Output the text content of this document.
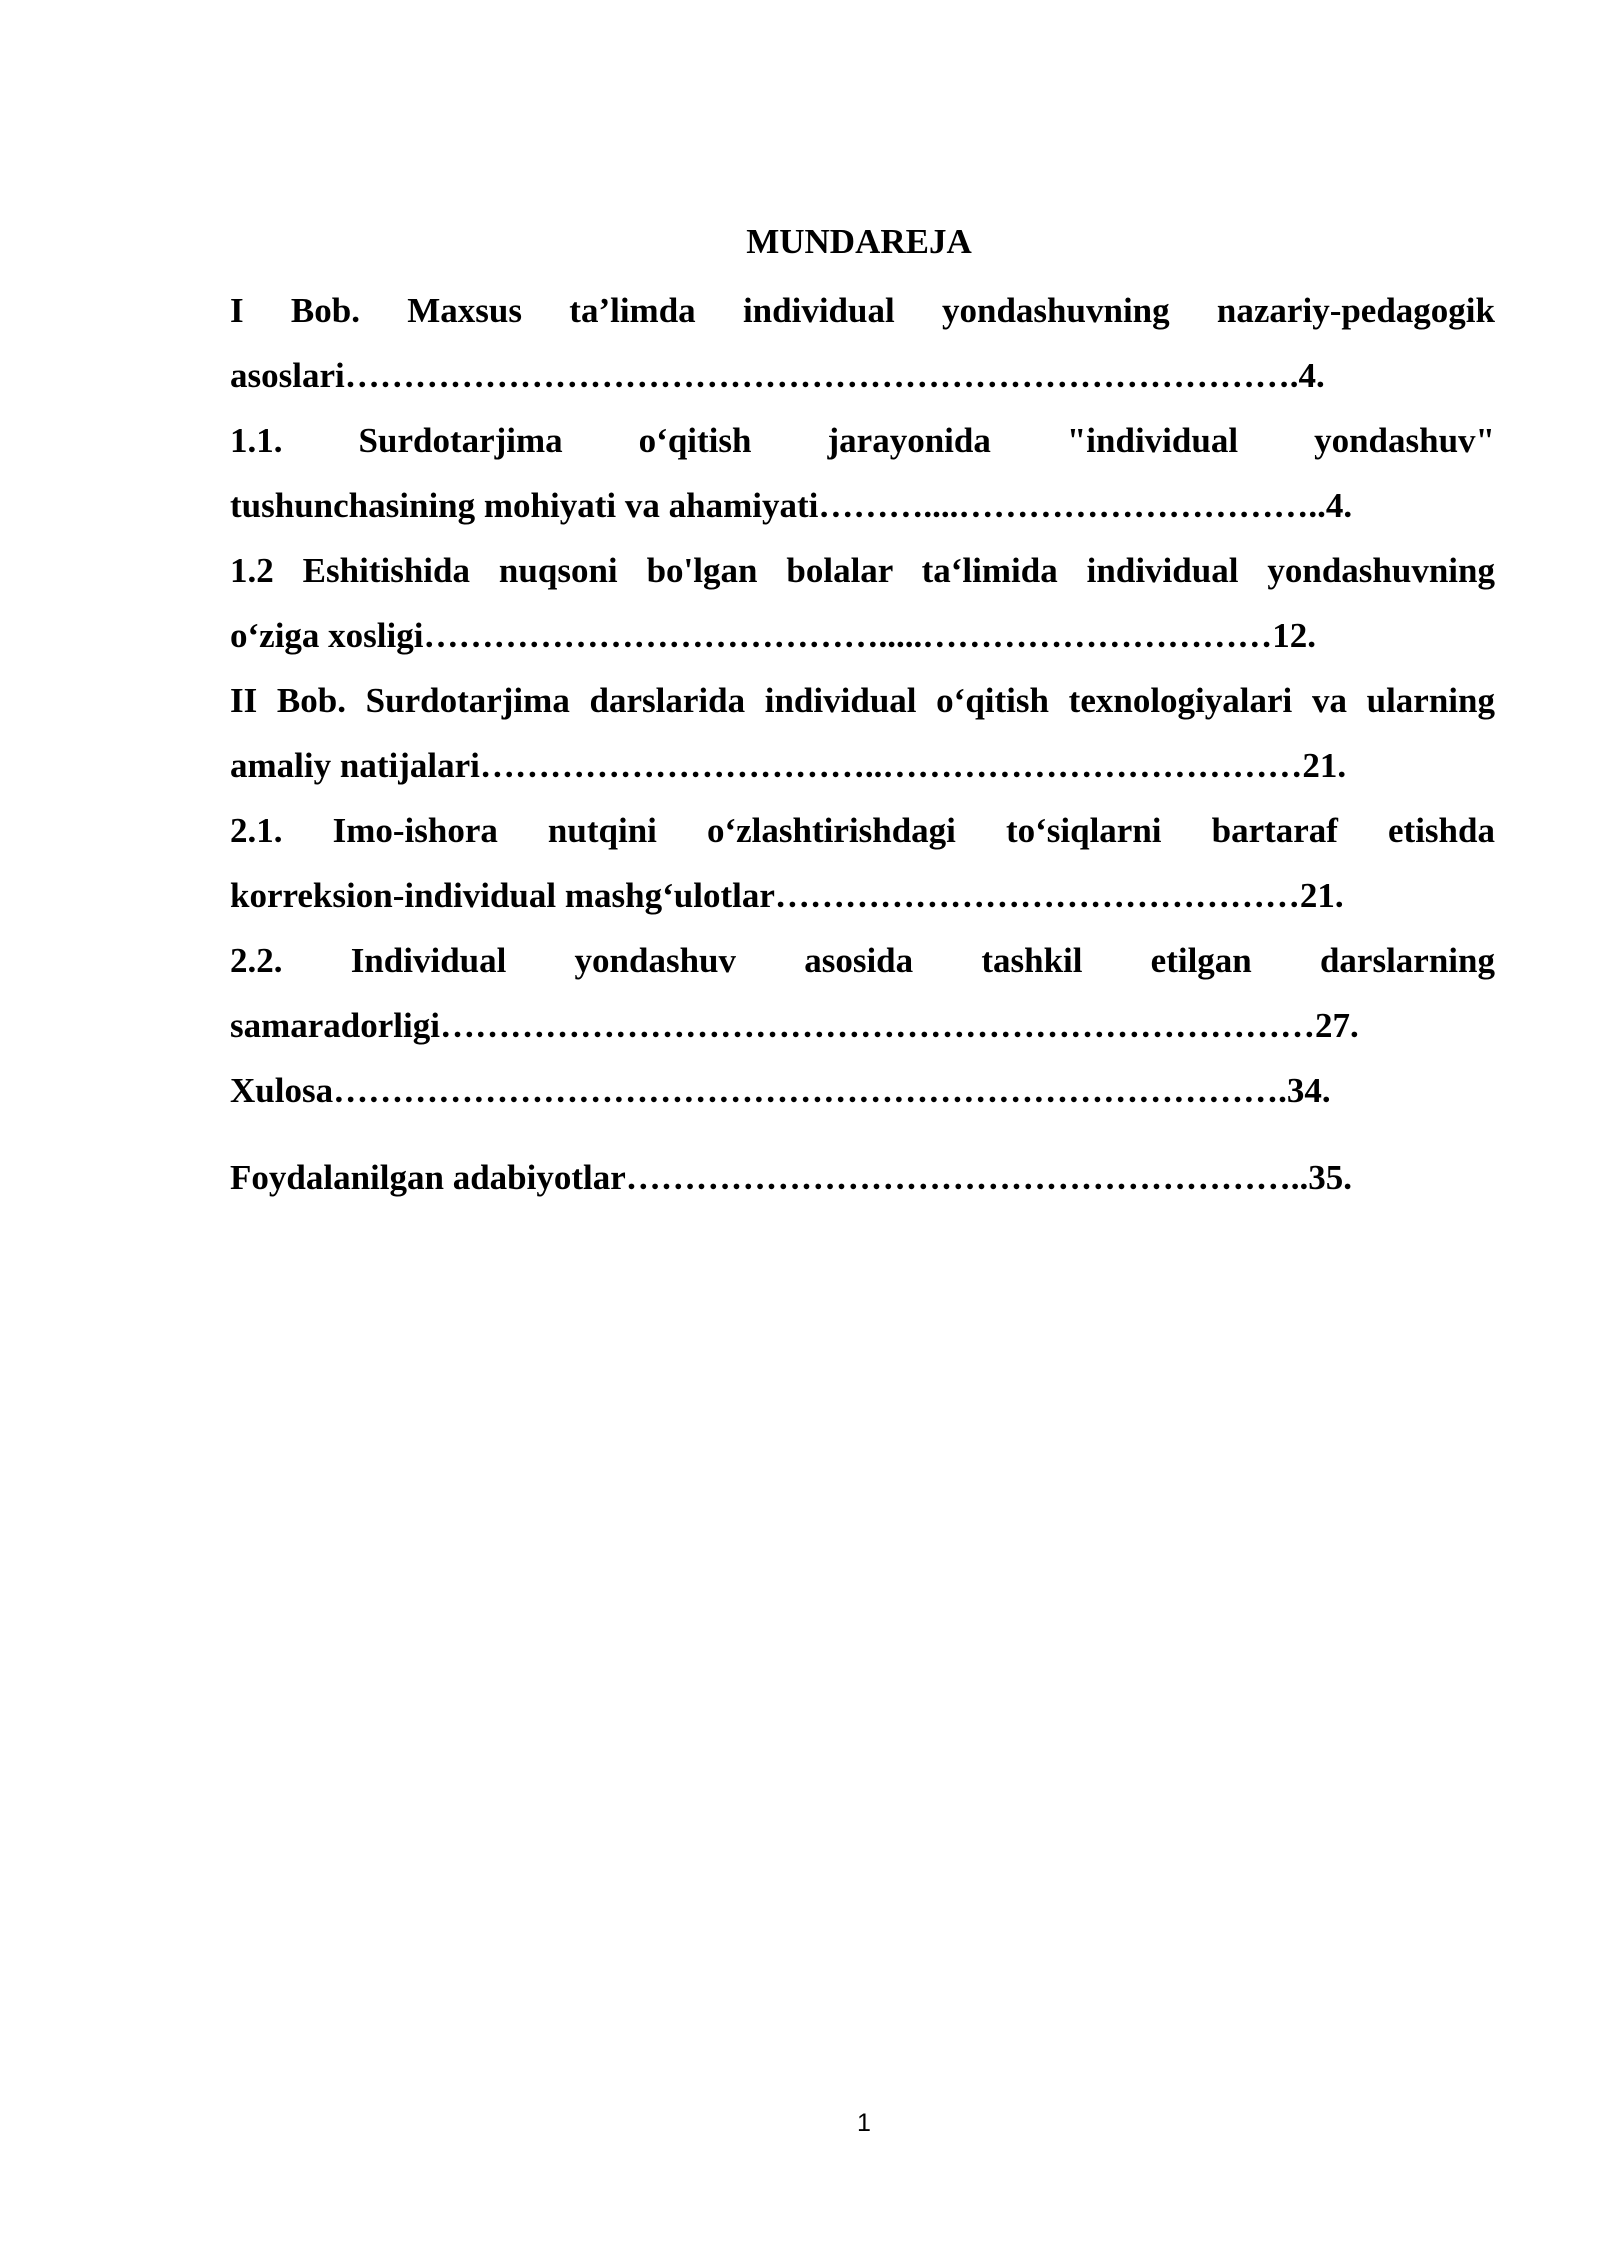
MUNDAREJA

I Bob. Maxsus ta’limda individual yondashuvning nazariy-pedagogik
asoslari……………………………………………………………………….4.

1.1. Surdotarjima o‘qitish jarayonida "individual yondashuv"
tushunchasining mohiyati va ahamiyati………....…………………………..4.

1.2 Eshitishida nuqsoni bo'lgan bolalar ta‘limida individual yondashuvning
o‘ziga xosligi………………………………….....…………………………12.

II Bob. Surdotarjima darslarida individual o‘qitish texnologiyalari va ularning
amaliy natijalari……………………………..………………………………21.

2.1. Imo-ishora nutqini o‘zlashtirishdagi to‘siqlarni bartaraf etishda
korreksion-individual mashg‘ulotlar………………………………………21.

2.2. Individual yondashuv asosida tashkil etilgan darslarning
samaradorligi…………………………………………………………………27.

Xulosa……………………………………………………………………….34.

Foydalanilgan adabiyotlar…………………………………………………..35.

1
